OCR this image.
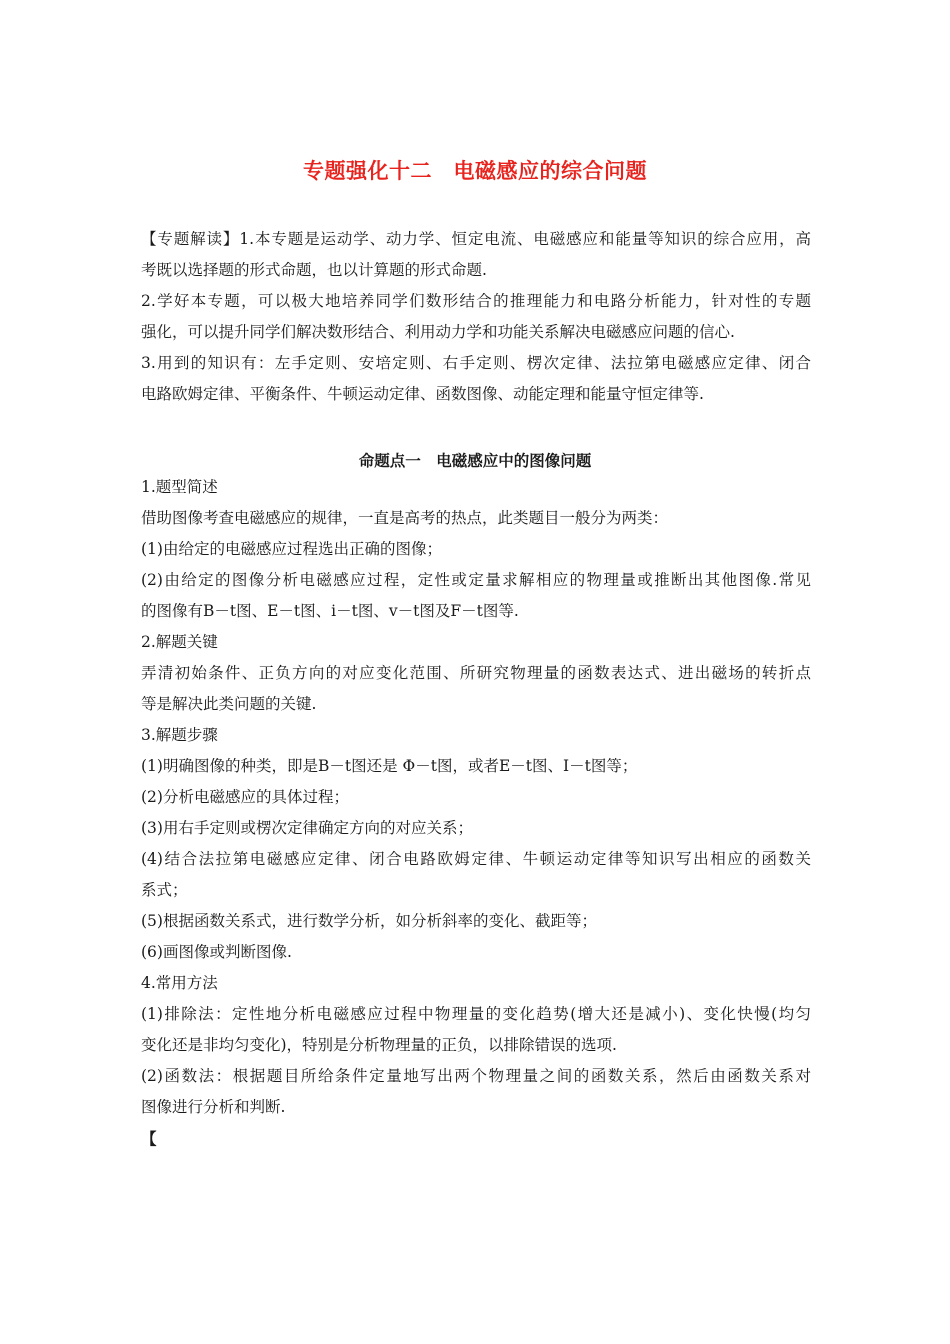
专题强化十二　电磁感应的综合问题
【专题解读】1.本专题是运动学、动力学、恒定电流、电磁感应和能量等知识的综合应用，高
考既以选择题的形式命题，也以计算题的形式命题.
2.学好本专题，可以极大地培养同学们数形结合的推理能力和电路分析能力，针对性的专题
强化，可以提升同学们解决数形结合、利用动力学和功能关系解决电磁感应问题的信心.
3.用到的知识有：左手定则、安培定则、右手定则、楞次定律、法拉第电磁感应定律、闭合
电路欧姆定律、平衡条件、牛顿运动定律、函数图像、动能定理和能量守恒定律等.
命题点一　电磁感应中的图像问题
1.题型简述
借助图像考查电磁感应的规律，一直是高考的热点，此类题目一般分为两类：
(1)由给定的电磁感应过程选出正确的图像；
(2)由给定的图像分析电磁感应过程，定性或定量求解相应的物理量或推断出其他图像.常见
的图像有B－t图、E－t图、i－t图、v－t图及F－t图等.
2.解题关键
弄清初始条件、正负方向的对应变化范围、所研究物理量的函数表达式、进出磁场的转折点
等是解决此类问题的关键.
3.解题步骤
(1)明确图像的种类，即是B－t图还是 Φ－t图，或者E－t图、I－t图等；
(2)分析电磁感应的具体过程；
(3)用右手定则或楞次定律确定方向的对应关系；
(4)结合法拉第电磁感应定律、闭合电路欧姆定律、牛顿运动定律等知识写出相应的函数关
系式；
(5)根据函数关系式，进行数学分析，如分析斜率的变化、截距等；
(6)画图像或判断图像.
4.常用方法
(1)排除法：定性地分析电磁感应过程中物理量的变化趋势(增大还是减小)、变化快慢(均匀
变化还是非均匀变化)，特别是分析物理量的正负，以排除错误的选项.
(2)函数法：根据题目所给条件定量地写出两个物理量之间的函数关系，然后由函数关系对
图像进行分析和判断.
【
